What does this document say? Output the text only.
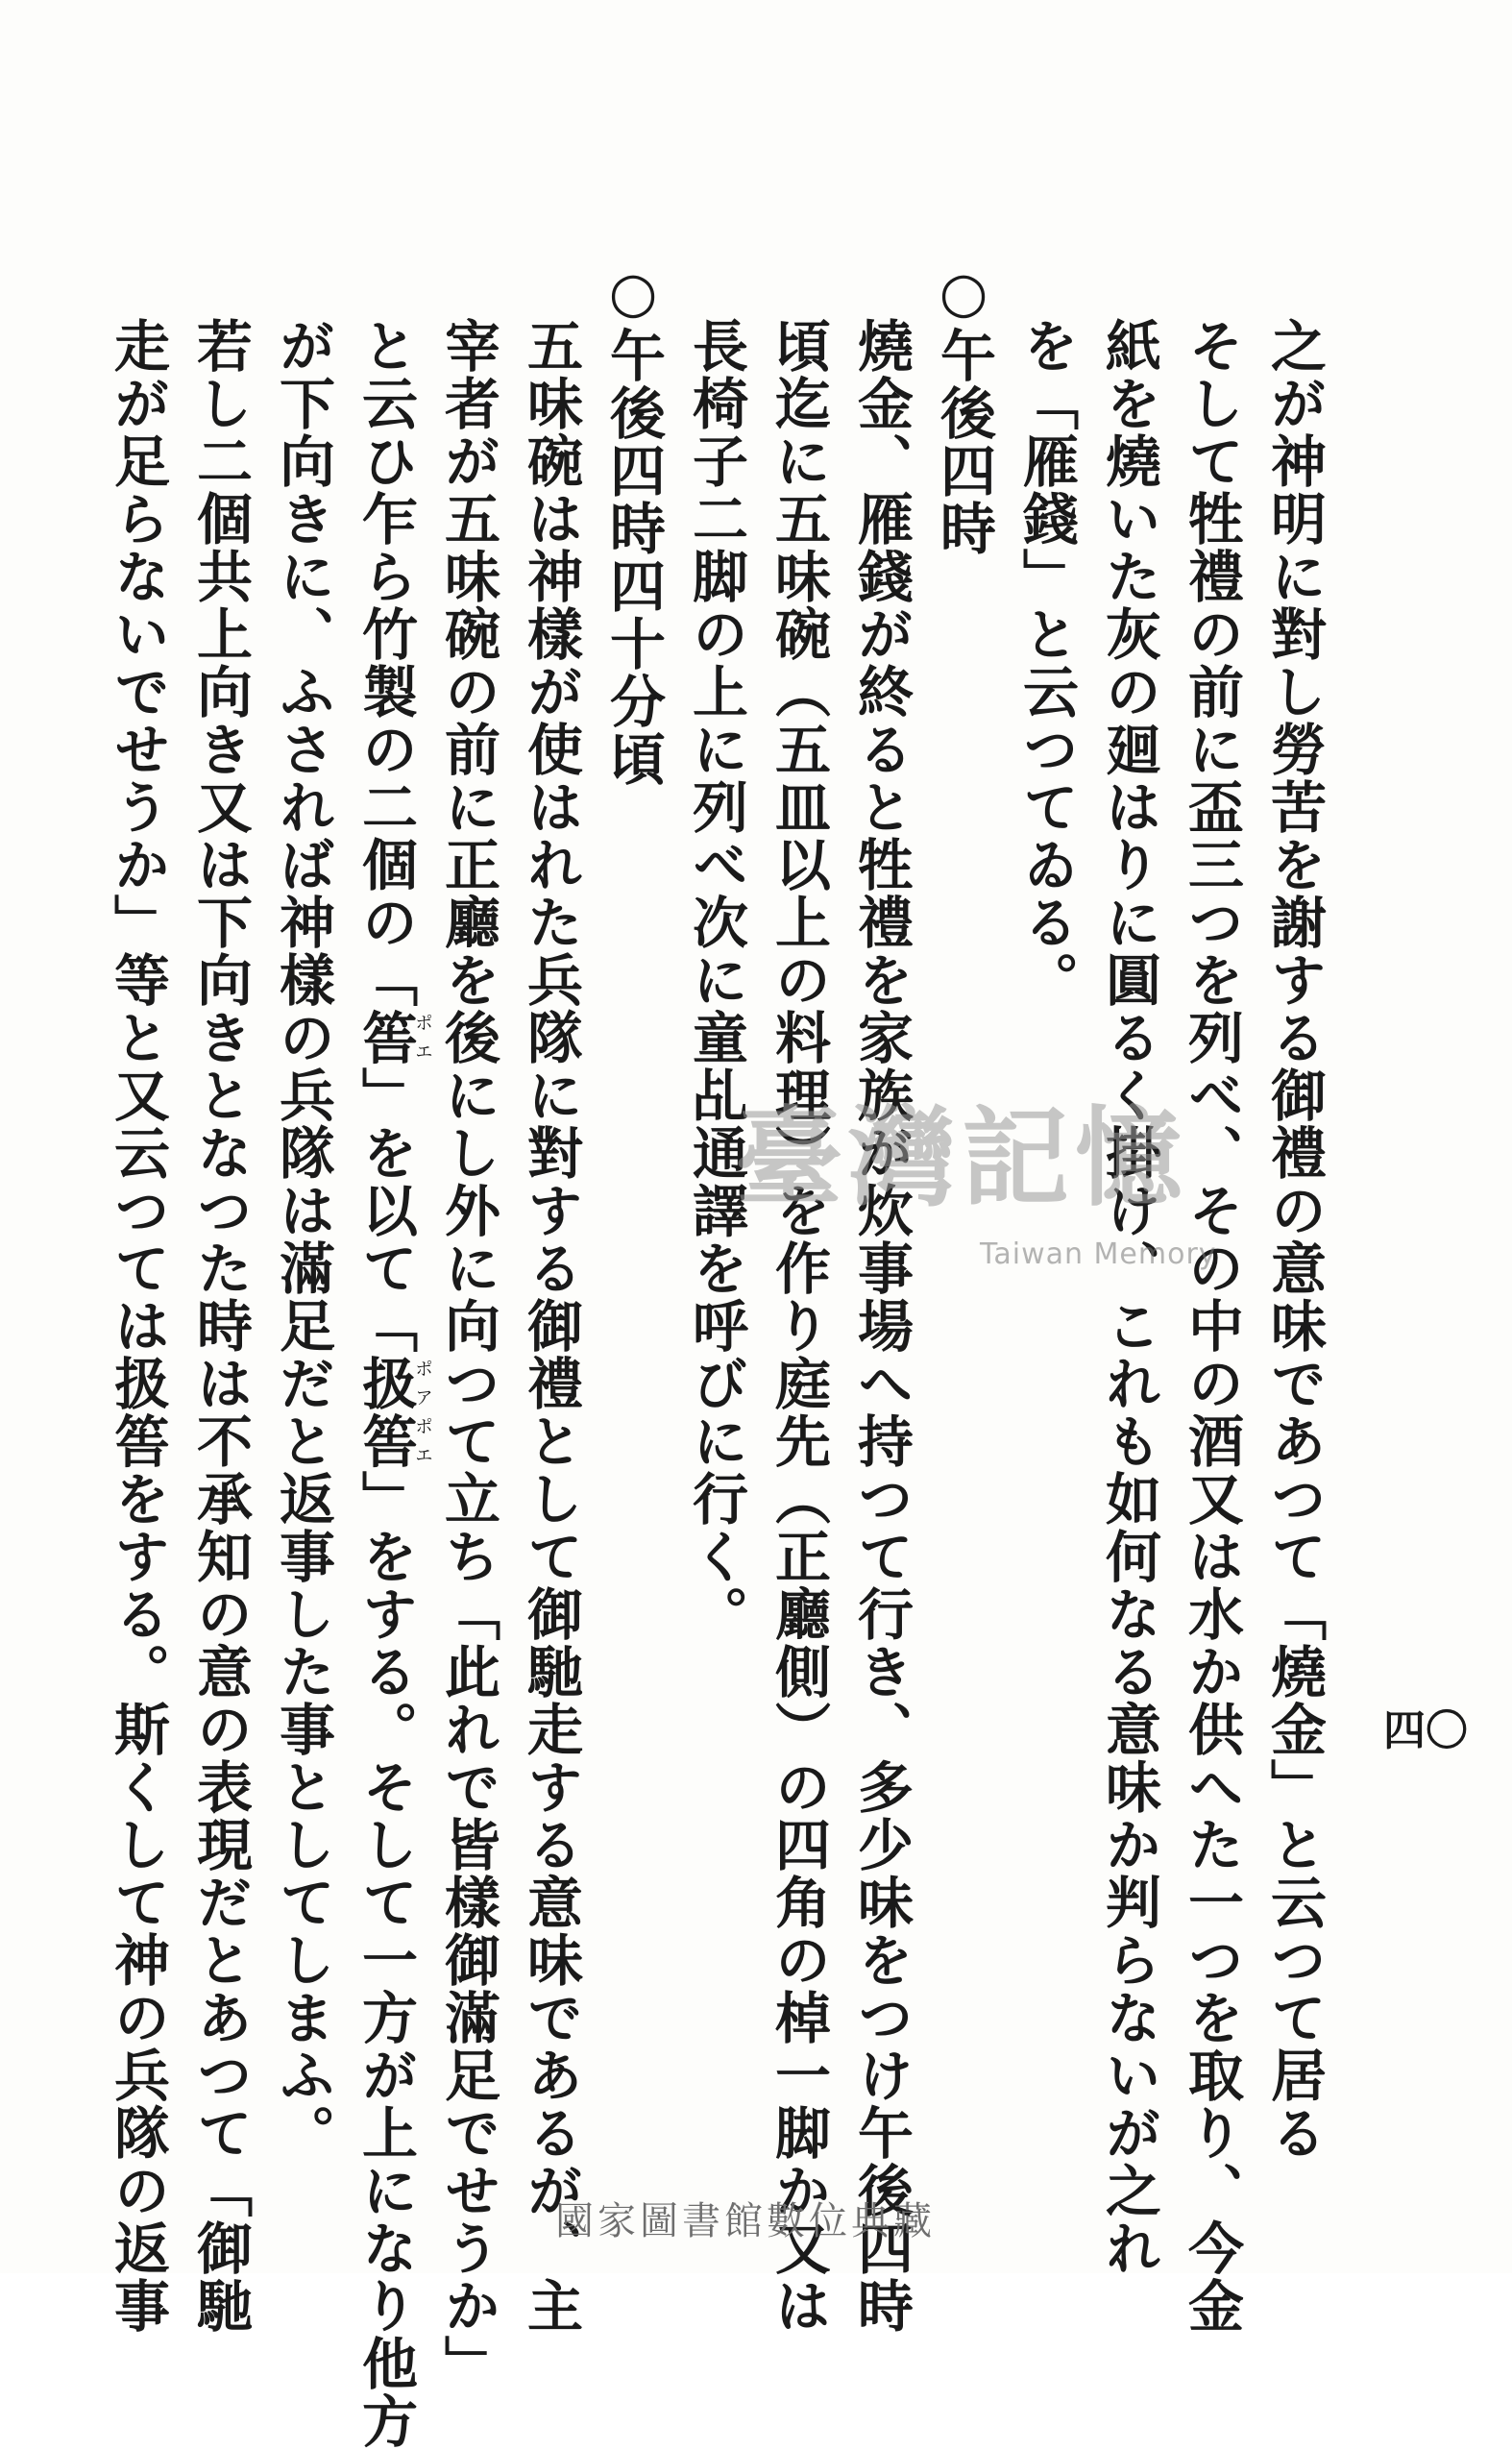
四〇
之が神明に對し勞苦を謝する御禮の意味であつて「燒金」と云つて居る
そして牲禮の前に盃三つを列べ、その中の酒又は水か供へた一つを取り、今金
紙を燒いた灰の廻はりに圓るく掛け、これも如何なる意味か判らないが之れ
を「雁錢」と云つてゐる。
○午後四時
燒金、雁錢が終ると牲禮を家族が炊事場へ持つて行き、多少味をつけ午後四時
頃迄に五味碗（五皿以上の料理）を作り庭先（正廳側）の四角の棹一脚か又は
長椅子二脚の上に列べ次に童乩通譯を呼びに行く。
○午後四時四十分頃
五味碗は神樣が使はれた兵隊に對する御禮として御馳走する意味であるが、主
宰者が五味碗の前に正廳を後にし外に向つて立ち「此れで皆樣御滿足でせうか」
と云ひ乍ら竹製の二個の「筶ポエ」を以て「扱筶ポアポエ」をする。そして一方が上になり他方
が下向きに、ふされば神樣の兵隊は滿足だと返事した事としてしまふ。
若し二個共上向き又は下向きとなつた時は不承知の意の表現だとあつて「御馳
走が足らないでせうか」等と又云つては扱筶をする。斯くして神の兵隊の返事	臺灣記憶
Taiwan Memory
國家圖書館數位典藏
